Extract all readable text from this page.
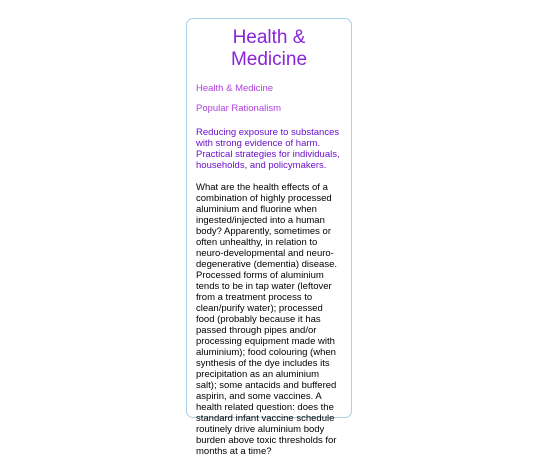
Health & Medicine
Health & Medicine
Popular Rationalism

Reducing exposure to substances with strong evidence of harm. Practical strategies for individuals, households, and policymakers.

What are the health effects of a combination of highly processed aluminium and fluorine when ingested/injected into a human body? Apparently, sometimes or often unhealthy, in relation to neuro-developmental and neuro-degenerative (dementia) disease. Processed forms of aluminium tends to be in tap water (leftover from a treatment process to clean/purify water); processed food (probably because it has passed through pipes and/or processing equipment made with aluminium); food colouring (when synthesis of the dye includes its precipitation as an aluminium salt); some antacids and buffered aspirin, and some vaccines. A health related question: does the standard infant vaccine schedule routinely drive aluminium body burden above toxic thresholds for months at a time?
